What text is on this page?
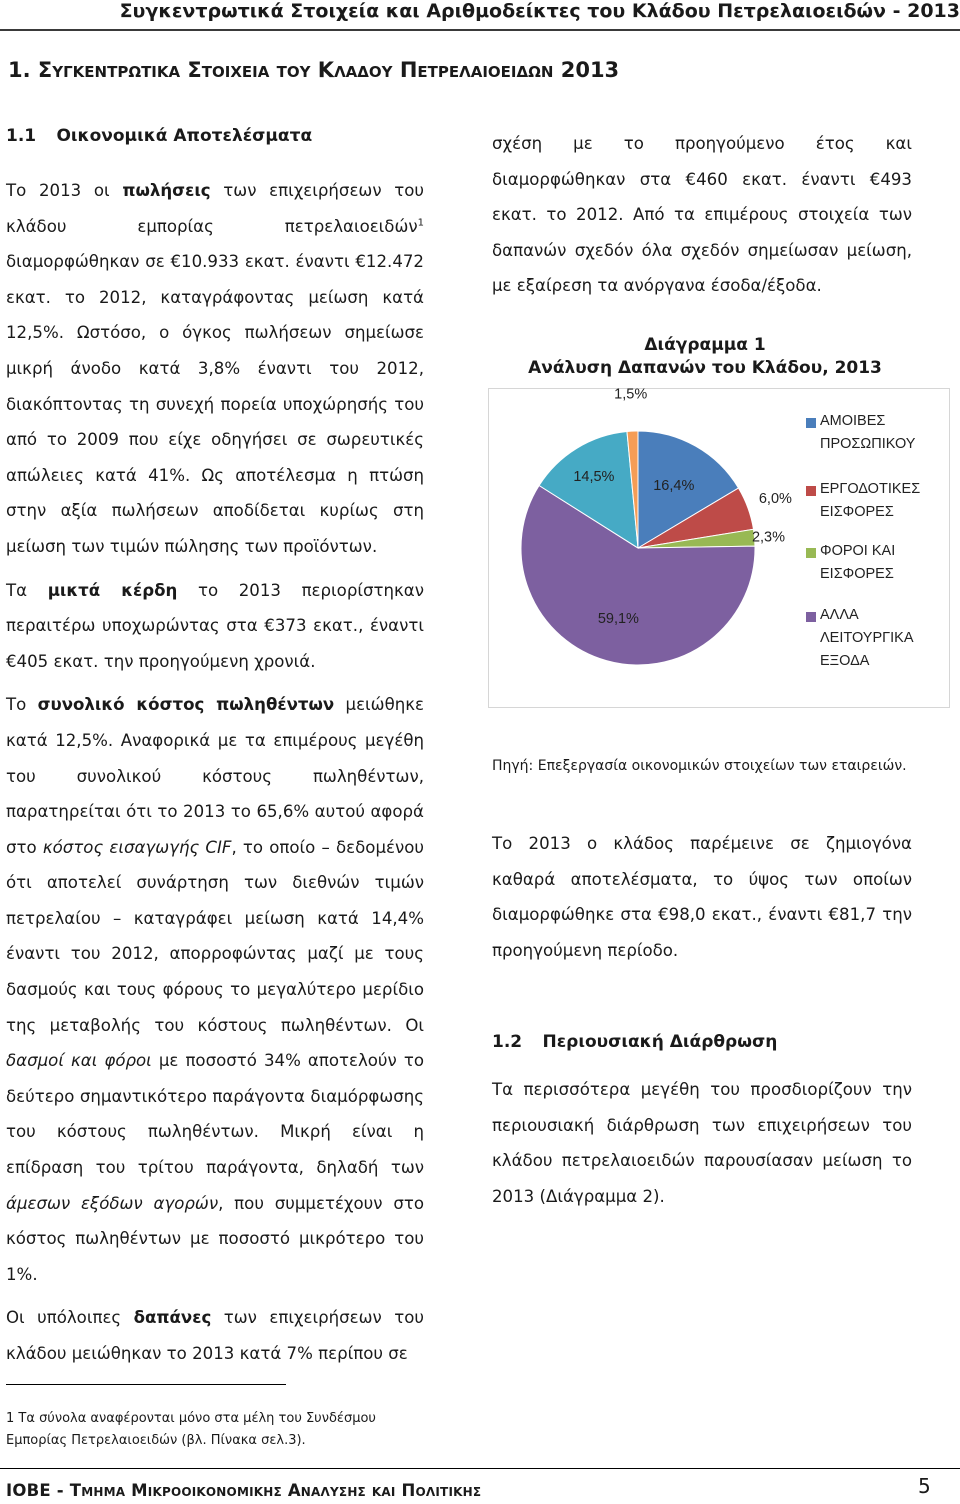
Συγκεντρωτικά Στοιχεία και Αριθμοδείκτες του Κλάδου Πετρελαιοειδών - 2013
1. Συγκεντρωτικα Στοιχεια του Κλαδου Πετρελαιοειδων 2013
1.1 Οικονομικά Αποτελέσματα

Το 2013 οι πωλήσεις των επιχειρήσεων του κλάδου εμπορίας πετρελαιοειδών$^1$ διαμορφώθηκαν σε €10.933 εκατ. έναντι €12.472 εκατ. το 2012, καταγράφοντας μείωση κατά 12,5%. Ωστόσο, ο όγκος πωλήσεων σημείωσε μικρή άνοδο κατά 3,8% έναντι του 2012, διακόπτοντας τη συνεχή πορεία υποχώρησής του από το 2009 που είχε οδηγήσει σε σωρευτικές απώλειες κατά 41%. Ως αποτέλεσμα η πτώση στην αξία πωλήσεων αποδίδεται κυρίως στη μείωση των τιμών πώλησης των προϊόντων.

Τα μικτά κέρδη το 2013 περιορίστηκαν περαιτέρω υποχωρώντας στα €373 εκατ., έναντι €405 εκατ. την προηγούμενη χρονιά.

Το συνολικό κόστος πωληθέντων μειώθηκε κατά 12,5%. Αναφορικά με τα επιμέρους μεγέθη του συνολικού κόστους πωληθέντων, παρατηρείται ότι το 2013 το 65,6% αυτού αφορά στο κόστος εισαγωγής CIF, το οποίο – δεδομένου ότι αποτελεί συνάρτηση των διεθνών τιμών πετρελαίου – καταγράφει μείωση κατά 14,4% έναντι του 2012, απορροφώντας μαζί με τους δασμούς και τους φόρους το μεγαλύτερο μερίδιο της μεταβολής του κόστους πωληθέντων. Οι δασμοί και φόροι με ποσοστό 34% αποτελούν το δεύτερο σημαντικότερο παράγοντα διαμόρφωσης του κόστους πωληθέντων. Μικρή είναι η επίδραση του τρίτου παράγοντα, δηλαδή των άμεσων εξόδων αγορών, που συμμετέχουν στο κόστος πωληθέντων με ποσοστό μικρότερο του 1%.

Οι υπόλοιπες δαπάνες των επιχειρήσεων του κλάδου μειώθηκαν το 2013 κατά 7% περίπου σε

σχέση με το προηγούμενο έτος και διαμορφώθηκαν στα €460 εκατ. έναντι €493 εκατ. το 2012. Από τα επιμέρους στοιχεία των δαπανών σχεδόν όλα σχεδόν σημείωσαν μείωση, με εξαίρεση τα ανόργανα έσοδα/έξοδα.
Διάγραμμα 1
Ανάλυση Δαπανών του Κλάδου, 2013
16,4%
6,0%
2,3%
59,1%
14,5%
1,5%
ΑΜΟΙΒΕΣ
ΠΡΟΣΩΠΙΚΟΥ
ΕΡΓΟΔΟΤΙΚΕΣ
ΕΙΣΦΟΡΕΣ
ΦΟΡΟΙ ΚΑΙ
ΕΙΣΦΟΡΕΣ
ΑΛΛΑ
ΛΕΙΤΟΥΡΓΙΚΑ
ΕΞΟΔΑ
Πηγή: Επεξεργασία οικονομικών στοιχείων των εταιρειών.
Το 2013 ο κλάδος παρέμεινε σε ζημιογόνα καθαρά αποτελέσματα, το ύψος των οποίων διαμορφώθηκε στα €98,0 εκατ., έναντι €81,7 την προηγούμενη περίοδο.
1.2 Περιουσιακή Διάρθρωση
Τα περισσότερα μεγέθη του προσδιορίζουν την περιουσιακή διάρθρωση των επιχειρήσεων του κλάδου πετρελαιοειδών παρουσίασαν μείωση το 2013 (Διάγραμμα 2).
1 Τα σύνολα αναφέρονται μόνο στα μέλη του Συνδέσμου Εμπορίας Πετρελαιοειδών (βλ. Πίνακα σελ.3).
ΙΟΒΕ - Τμημα Μικροοικονομικης Αναλυσης και Πολιτικης	5
